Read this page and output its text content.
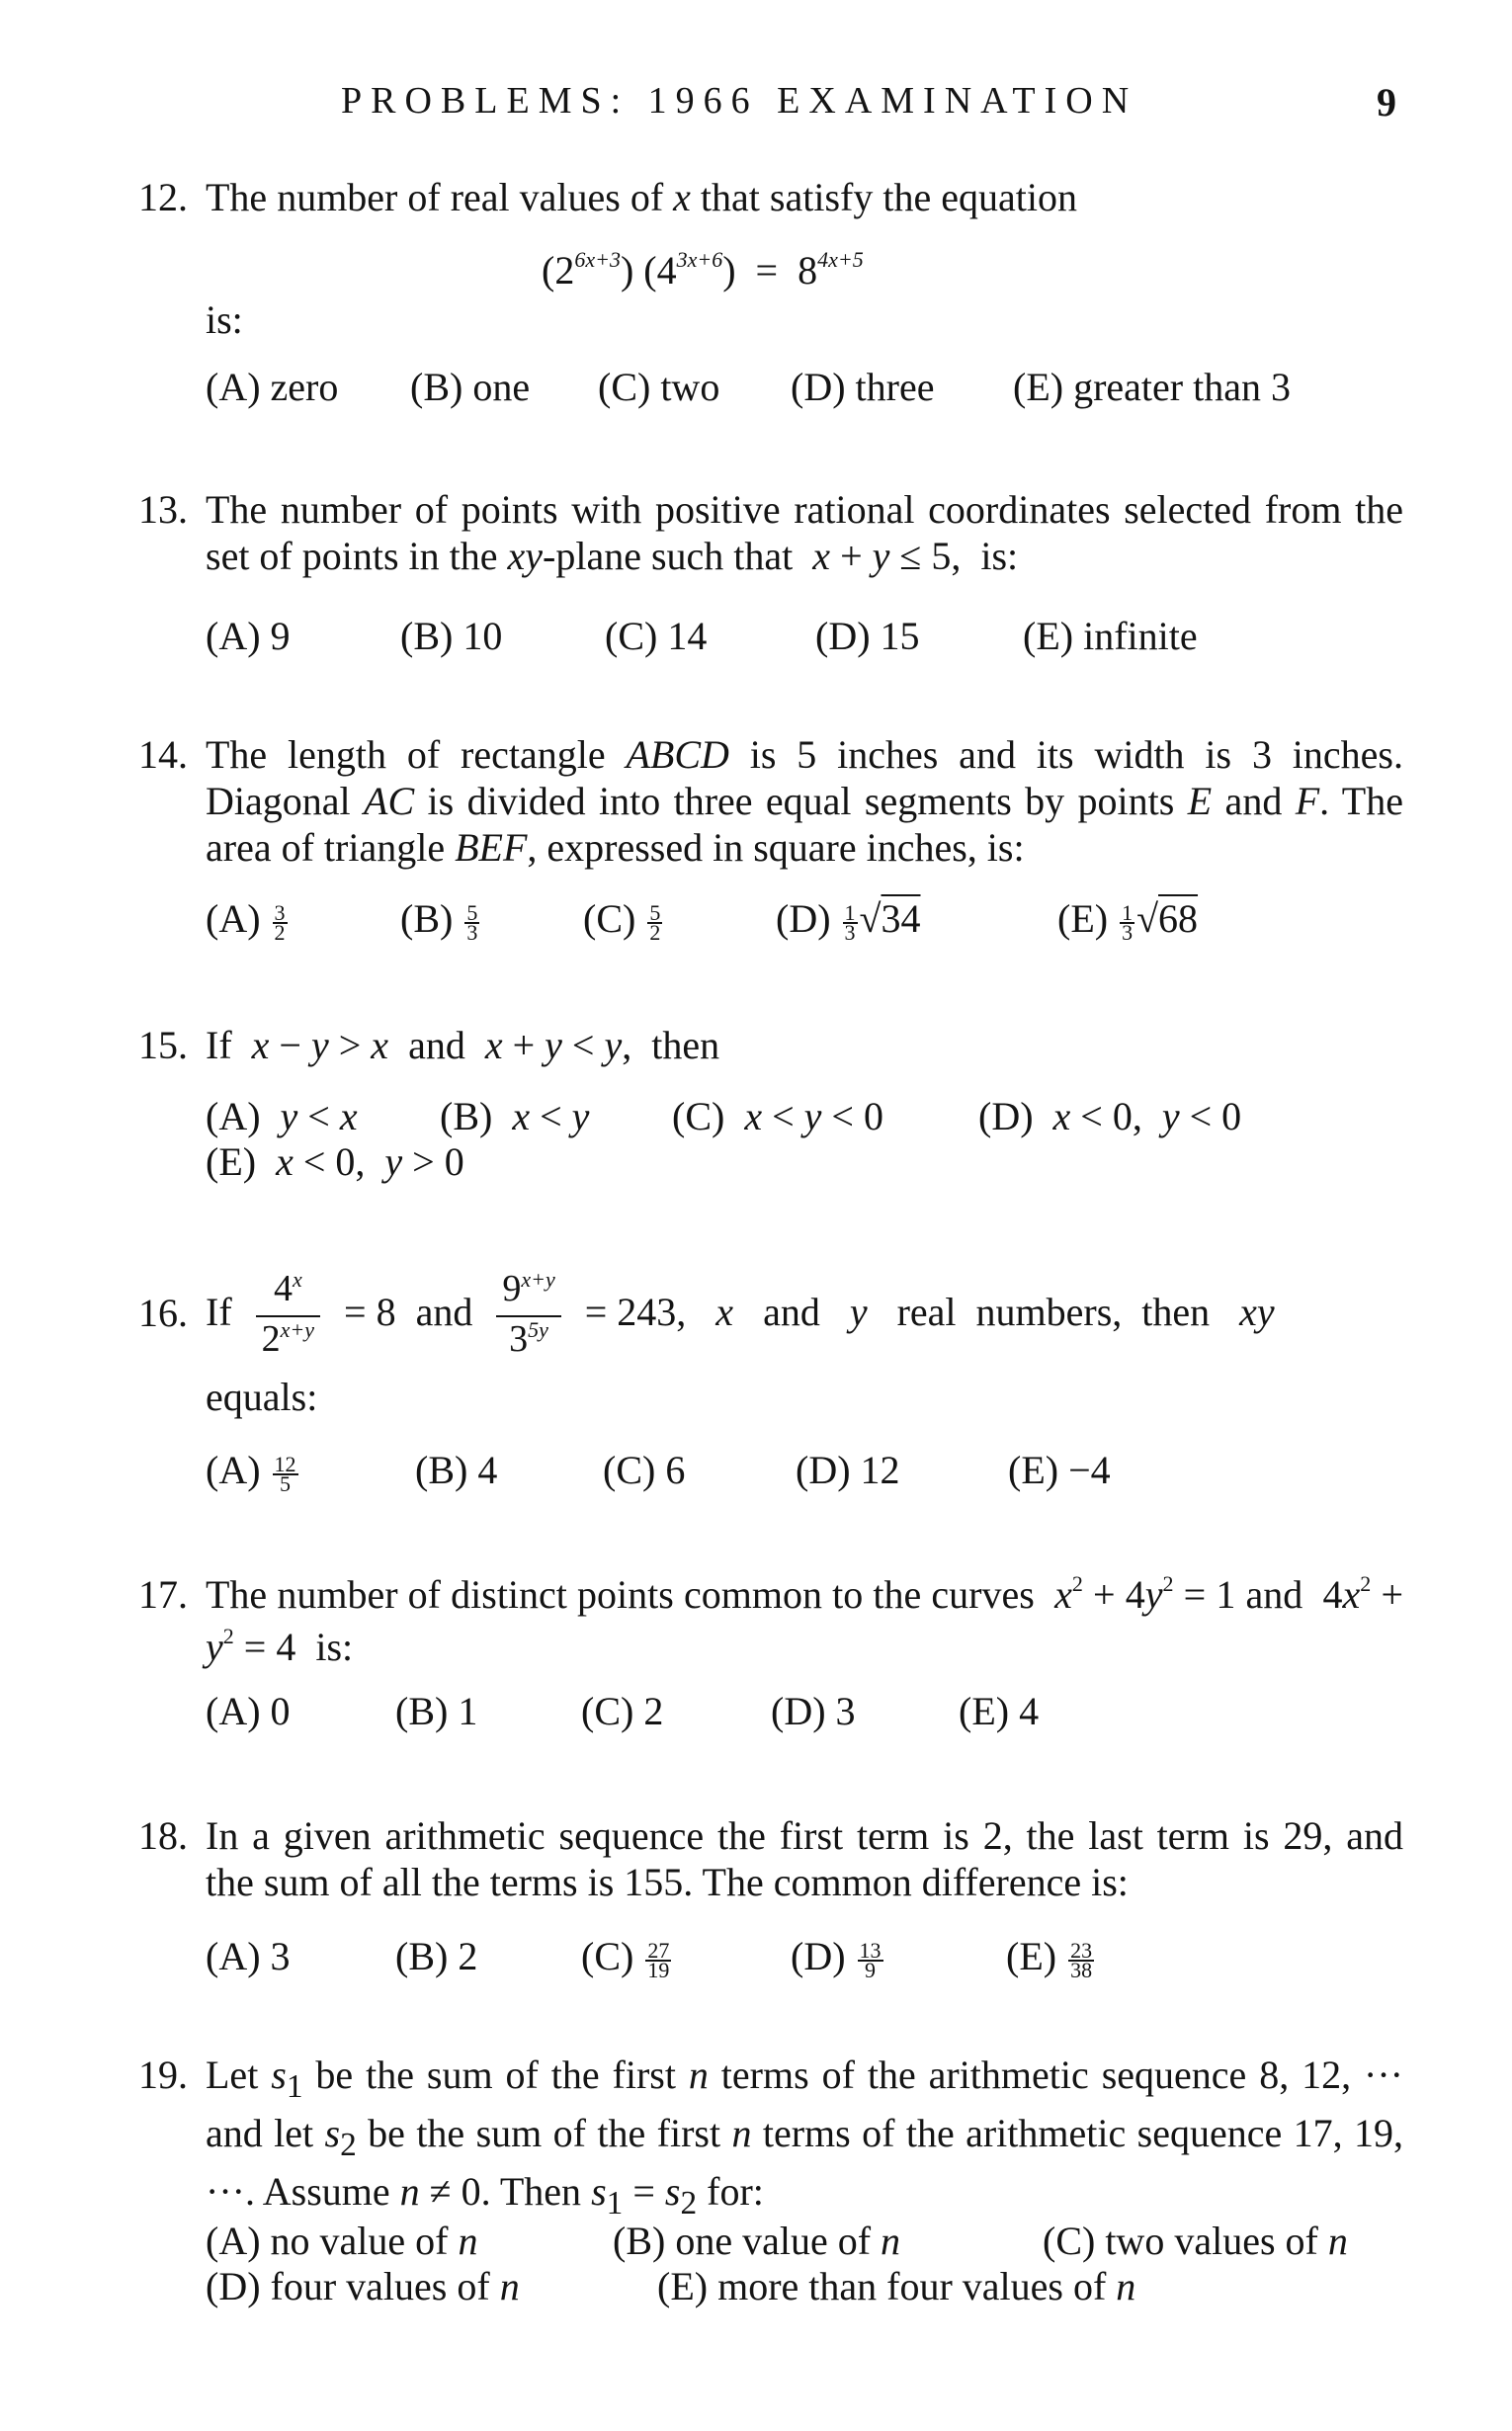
PROBLEMS: 1966 EXAMINATION	9
12. The number of real values of x that satisfy the equation
$(2^{6x+3}) (4^{3x+6}) = 8^{4x+5}$
is:
(A) zero (B) one (C) two (D) three (E) greater than 3
13. The number of points with positive rational coordinates selected from the set of points in the xy-plane such that  x + y ≤ 5,  is:
(A) 9	(B) 10	(C) 14	(D) 15	(E) infinite
14. The length of rectangle ABCD is 5 inches and its width is 3 inches. Diagonal AC is divided into three equal segments by points E and F. The area of triangle BEF, expressed in square inches, is:
$(A) \frac{3}{2}$	$(B) \frac{5}{3}$	$(C) \frac{5}{2}$	$(D) \frac{1}{3} √34$	$(E) \frac{1}{3} √68$
15. If  x − y > x  and  x + y < y,  then
(A)  y < x (B)  x < y (C)  x < y < 0 (D)  x < 0,  y < 0
(E)  x < 0,  y > 0
16. If $\frac{4^x}{2^{x+y}} = 8$  and $\frac{9^{x+y}}{3^{5y}} = 243$,   x   and   y   real  numbers,  then   xy
equals:
$(A) \frac{12}{5}$	(B) 4	(C) 6	(D) 12	(E) −4
17. The number of distinct points common to the curves  $x^2 + 4y^2 = 1$ and  $4x^2 + y^2 = 4$  is:
(A) 0	(B) 1	(C) 2	(D) 3	(E) 4
18. In a given arithmetic sequence the first term is 2, the last term is 29, and the sum of all the terms is 155. The common difference is:
(A) 3	(B) 2	$(C) \frac{27}{19}$	$(D) \frac{13}{9}$	$(E) \frac{23}{38}$
19. Let $s_1$ be the sum of the first n terms of the arithmetic sequence 8, 12, ··· and let $s_2$ be the sum of the first n terms of the arithmetic sequence 17, 19, ···. Assume n ≠ 0. Then $s_1 = s_2$ for:
(A) no value of n	(B) one value of n	(C) two values of n
(D) four values of n	(E) more than four values of n
